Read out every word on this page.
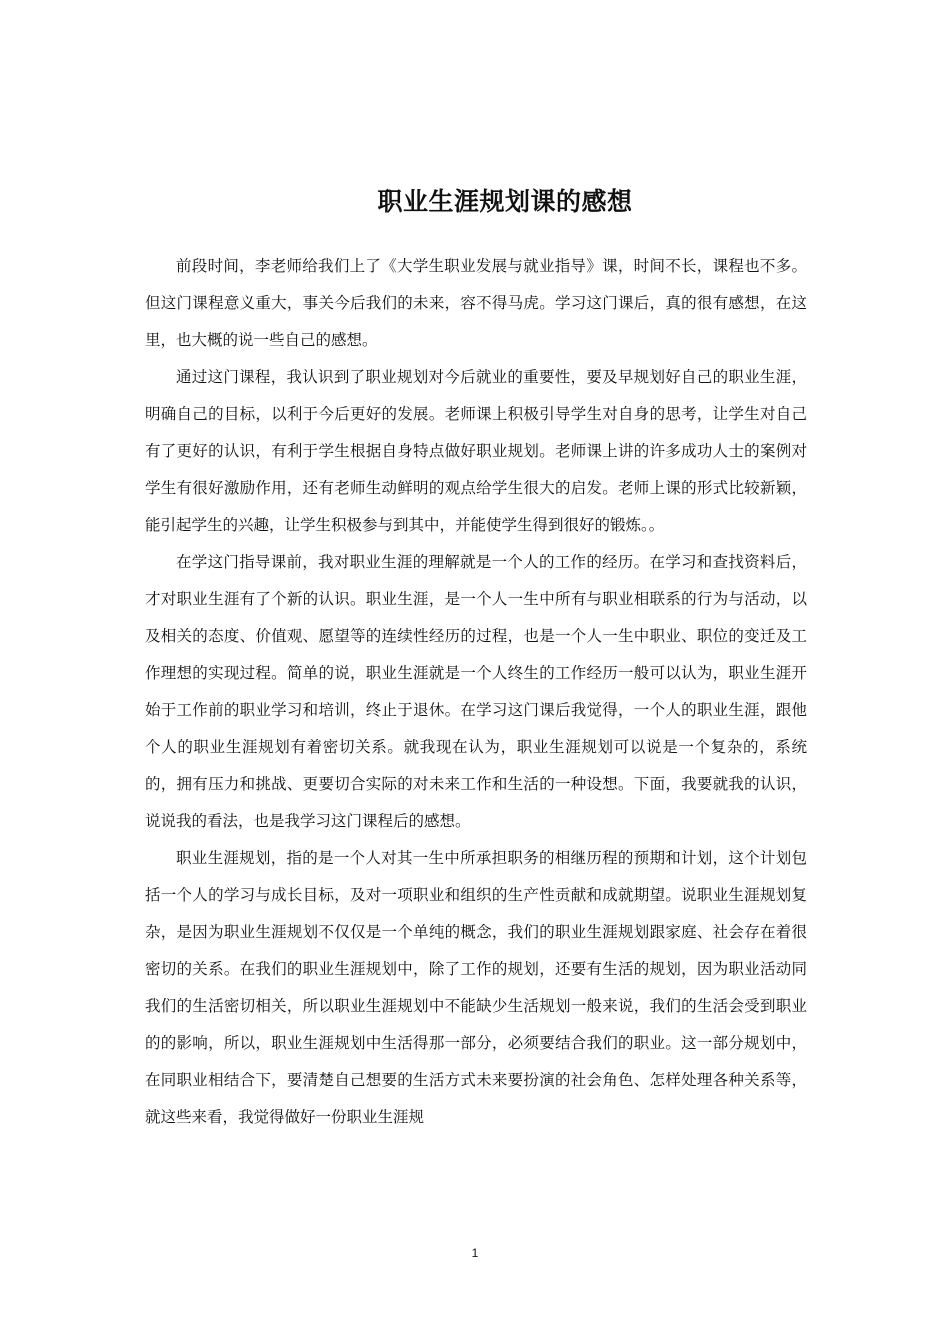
职业生涯规划课的感想

前段时间，李老师给我们上了《大学生职业发展与就业指导》课，时间不长，课程也不多。但这门课程意义重大，事关今后我们的未来，容不得马虎。学习这门课后，真的很有感想，在这里，也大概的说一些自己的感想。

通过这门课程，我认识到了职业规划对今后就业的重要性，要及早规划好自己的职业生涯，明确自己的目标，以利于今后更好的发展。老师课上积极引导学生对自身的思考，让学生对自己有了更好的认识，有利于学生根据自身特点做好职业规划。老师课上讲的许多成功人士的案例对学生有很好激励作用，还有老师生动鲜明的观点给学生很大的启发。老师上课的形式比较新颖，能引起学生的兴趣，让学生积极参与到其中，并能使学生得到很好的锻炼。。

在学这门指导课前，我对职业生涯的理解就是一个人的工作的经历。在学习和查找资料后，才对职业生涯有了个新的认识。职业生涯，是一个人一生中所有与职业相联系的行为与活动，以及相关的态度、价值观、愿望等的连续性经历的过程，也是一个人一生中职业、职位的变迁及工作理想的实现过程。简单的说，职业生涯就是一个人终生的工作经历一般可以认为，职业生涯开始于工作前的职业学习和培训，终止于退休。在学习这门课后我觉得，一个人的职业生涯，跟他个人的职业生涯规划有着密切关系。就我现在认为，职业生涯规划可以说是一个复杂的，系统的，拥有压力和挑战、更要切合实际的对未来工作和生活的一种设想。下面，我要就我的认识，说说我的看法，也是我学习这门课程后的感想。

职业生涯规划，指的是一个人对其一生中所承担职务的相继历程的预期和计划，这个计划包括一个人的学习与成长目标，及对一项职业和组织的生产性贡献和成就期望。说职业生涯规划复杂，是因为职业生涯规划不仅仅是一个单纯的概念，我们的职业生涯规划跟家庭、社会存在着很密切的关系。在我们的职业生涯规划中，除了工作的规划，还要有生活的规划，因为职业活动同我们的生活密切相关，所以职业生涯规划中不能缺少生活规划一般来说，我们的生活会受到职业的的影响，所以，职业生涯规划中生活得那一部分，必须要结合我们的职业。这一部分规划中，在同职业相结合下，要清楚自己想要的生活方式未来要扮演的社会角色、怎样处理各种关系等，就这些来看，我觉得做好一份职业生涯规

1
